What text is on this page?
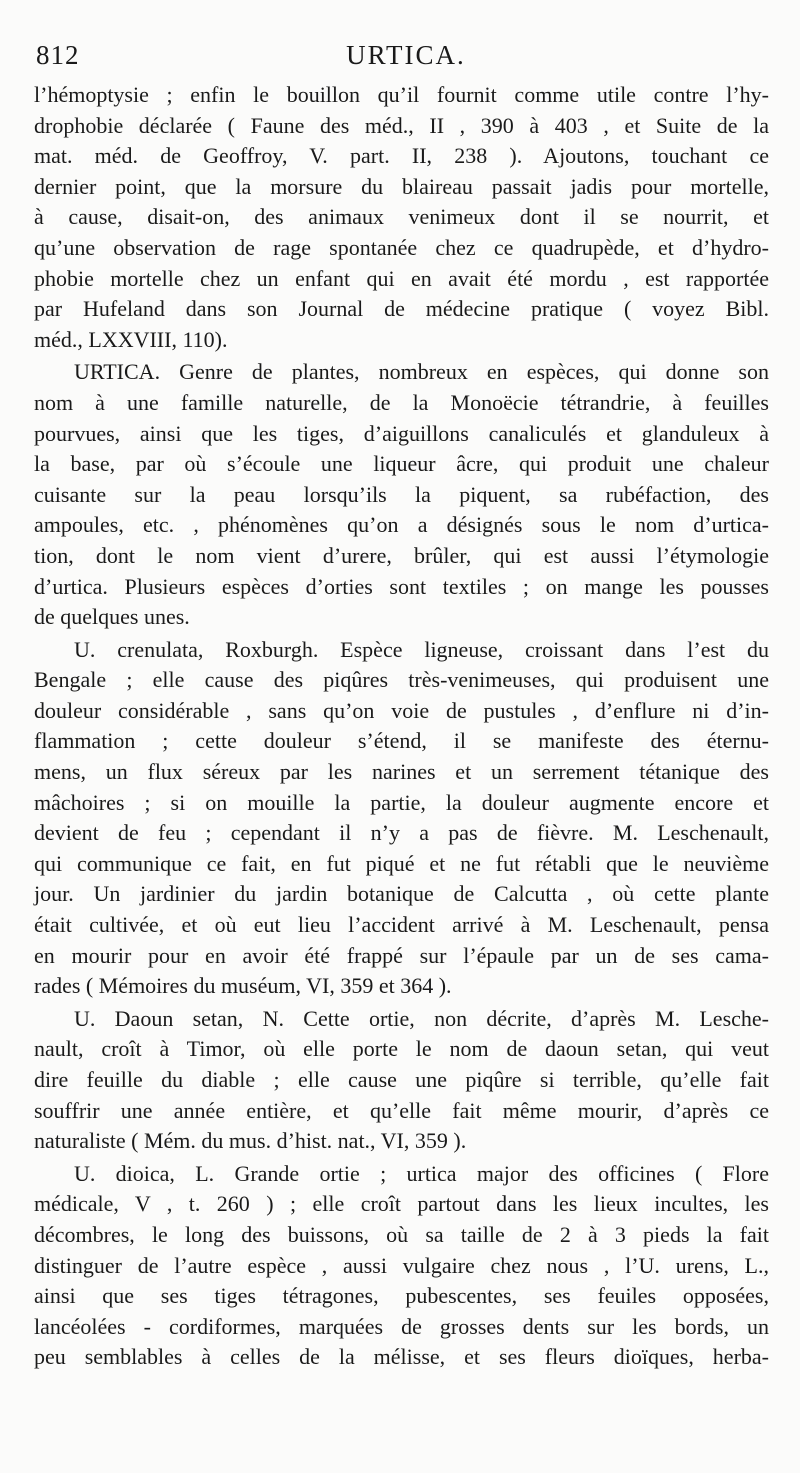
812	URTICA.
l’hémoptysie ; enfin le bouillon qu’il fournit comme utile contre l’hy-
drophobie déclarée ( Faune des méd., II , 390 à 403 , et Suite de la
mat. méd. de Geoffroy, V. part. II, 238 ). Ajoutons, touchant ce
dernier point, que la morsure du blaireau passait jadis pour mortelle,
à cause, disait-on, des animaux venimeux dont il se nourrit, et
qu’une observation de rage spontanée chez ce quadrupède, et d’hydro-
phobie mortelle chez un enfant qui en avait été mordu , est rapportée
par Hufeland dans son Journal de médecine pratique ( voyez Bibl.
méd., LXXVIII, 110).
URTICA. Genre de plantes, nombreux en espèces, qui donne son
nom à une famille naturelle, de la Monoëcie tétrandrie, à feuilles
pourvues, ainsi que les tiges, d’aiguillons canaliculés et glanduleux à
la base, par où s’écoule une liqueur âcre, qui produit une chaleur
cuisante sur la peau lorsqu’ils la piquent, sa rubéfaction, des
ampoules, etc. , phénomènes qu’on a désignés sous le nom d’urtica-
tion, dont le nom vient d’urere, brûler, qui est aussi l’étymologie
d’urtica. Plusieurs espèces d’orties sont textiles ; on mange les pousses
de quelques unes.
U. crenulata, Roxburgh. Espèce ligneuse, croissant dans l’est du
Bengale ; elle cause des piqûres très-venimeuses, qui produisent une
douleur considérable , sans qu’on voie de pustules , d’enflure ni d’in-
flammation ; cette douleur s’étend, il se manifeste des éternu-
mens, un flux séreux par les narines et un serrement tétanique des
mâchoires ; si on mouille la partie, la douleur augmente encore et
devient de feu ; cependant il n’y a pas de fièvre. M. Leschenault,
qui communique ce fait, en fut piqué et ne fut rétabli que le neuvième
jour. Un jardinier du jardin botanique de Calcutta , où cette plante
était cultivée, et où eut lieu l’accident arrivé à M. Leschenault, pensa
en mourir pour en avoir été frappé sur l’épaule par un de ses cama-
rades ( Mémoires du muséum, VI, 359 et 364 ).
U. Daoun setan, N. Cette ortie, non décrite, d’après M. Lesche-
nault, croît à Timor, où elle porte le nom de daoun setan, qui veut
dire feuille du diable ; elle cause une piqûre si terrible, qu’elle fait
souffrir une année entière, et qu’elle fait même mourir, d’après ce
naturaliste ( Mém. du mus. d’hist. nat., VI, 359 ).
U. dioica, L. Grande ortie ; urtica major des officines ( Flore
médicale, V , t. 260 ) ; elle croît partout dans les lieux incultes, les
décombres, le long des buissons, où sa taille de 2 à 3 pieds la fait
distinguer de l’autre espèce , aussi vulgaire chez nous , l’U. urens, L.,
ainsi que ses tiges tétragones, pubescentes, ses feuiles opposées,
lancéolées - cordiformes, marquées de grosses dents sur les bords, un
peu semblables à celles de la mélisse, et ses fleurs dioïques, herba-
